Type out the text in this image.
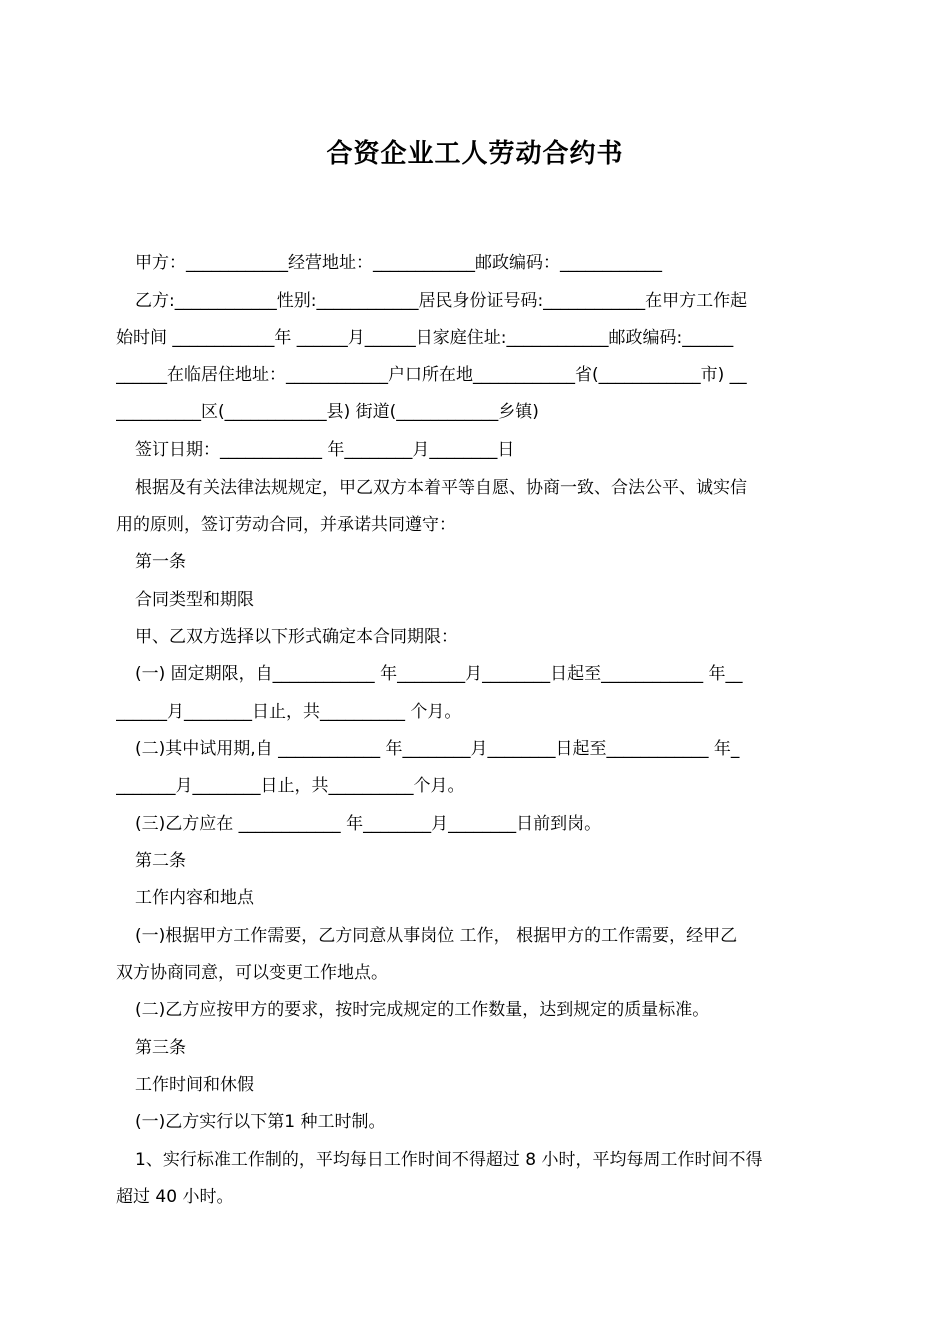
合资企业工人劳动合约书
甲方：____________经营地址：____________邮政编码：____________
乙方:____________性别:____________居民身份证号码:____________在甲方工作起
始时间 ____________年 ______月______日家庭住址:____________邮政编码:______
______在临居住地址：____________户口所在地____________省(____________市) __
__________区(____________县) 街道(____________乡镇)
签订日期：____________ 年________月________日
根据及有关法律法规规定，甲乙双方本着平等自愿、协商一致、合法公平、诚实信
用的原则，签订劳动合同，并承诺共同遵守：
第一条
合同类型和期限
甲、乙双方选择以下形式确定本合同期限：
(一) 固定期限，自____________ 年________月________日起至____________ 年__
______月________日止，共__________ 个月。
(二)其中试用期,自 ____________ 年________月________日起至____________ 年_
_______月________日止，共__________个月。
(三)乙方应在 ____________ 年________月________日前到岗。
第二条
工作内容和地点
(一)根据甲方工作需要，乙方同意从事岗位 工作， 根据甲方的工作需要，经甲乙
双方协商同意，可以变更工作地点。
(二)乙方应按甲方的要求，按时完成规定的工作数量，达到规定的质量标准。
第三条
工作时间和休假
(一)乙方实行以下第1 种工时制。
1、实行标准工作制的，平均每日工作时间不得超过 8 小时，平均每周工作时间不得
超过 40 小时。
